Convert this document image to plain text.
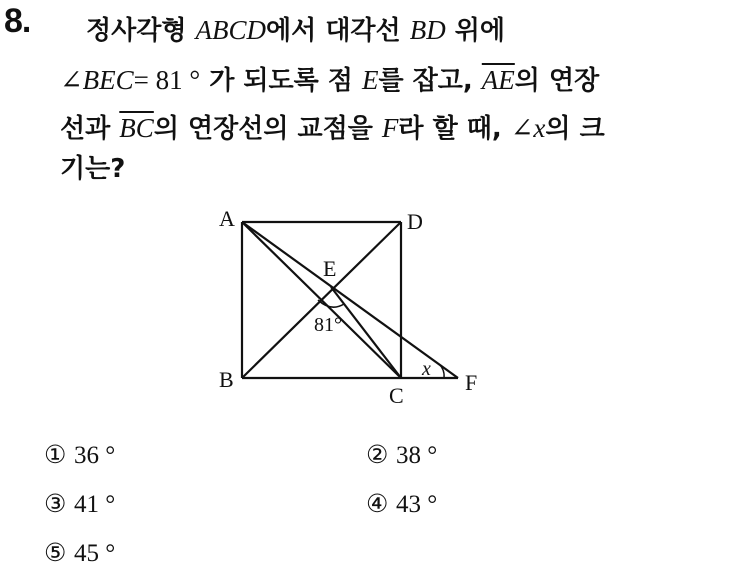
8. 정사각형 ABCD에서 대각선 BD 위에
∠BEC= 81 ° 가 되도록 점 E를 잡고, $\overline{AE}$의 연장
선과 $\overline{BC}$의 연장선의 교점을 F라 할 때, ∠x의 크
기는?
A	D
E
81°
x
B
C
F
① 36 °	② 38 °
③ 41 °	④ 43 °
⑤ 45 °
